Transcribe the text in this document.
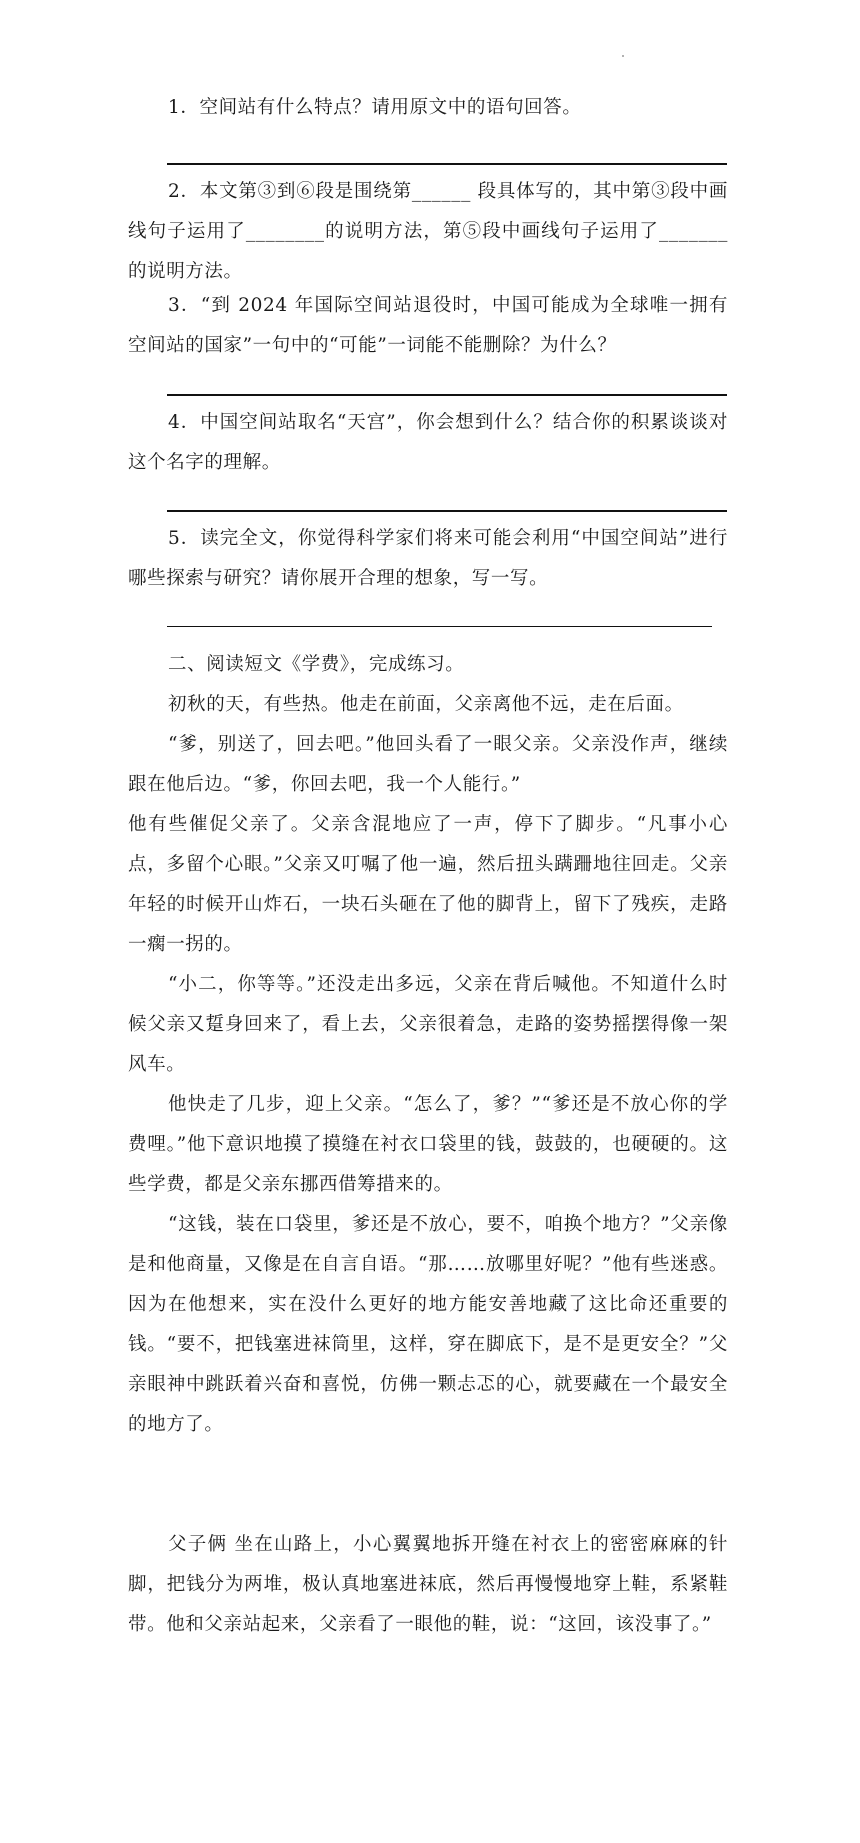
1．空间站有什么特点？请用原文中的语句回答。

2．本文第③到⑥段是围绕第______ 段具体写的，其中第③段中画线句子运用了________的说明方法，第⑤段中画线句子运用了_______的说明方法。

3．“到 2024 年国际空间站退役时，中国可能成为全球唯一拥有空间站的国家”一句中的“可能”一词能不能删除？为什么？

4．中国空间站取名“天宫”，你会想到什么？结合你的积累谈谈对这个名字的理解。

5．读完全文，你觉得科学家们将来可能会利用“中国空间站”进行哪些探索与研究？请你展开合理的想象，写一写。

二、阅读短文《学费》，完成练习。

初秋的天，有些热。他走在前面，父亲离他不远，走在后面。

“爹，别送了，回去吧。”他回头看了一眼父亲。父亲没作声，继续跟在他后边。“爹，你回去吧，我一个人能行。”

他有些催促父亲了。父亲含混地应了一声，停下了脚步。“凡事小心点，多留个心眼。”父亲又叮嘱了他一遍，然后扭头蹒跚地往回走。父亲年轻的时候开山炸石，一块石头砸在了他的脚背上，留下了残疾，走路一瘸一拐的。

“小二，你等等。”还没走出多远，父亲在背后喊他。不知道什么时候父亲又踅身回来了，看上去，父亲很着急，走路的姿势摇摆得像一架风车。

他快走了几步，迎上父亲。“怎么了，爹？”“爹还是不放心你的学费哩。”他下意识地摸了摸缝在衬衣口袋里的钱，鼓鼓的，也硬硬的。这些学费，都是父亲东挪西借筹措来的。

“这钱，装在口袋里，爹还是不放心，要不，咱换个地方？”父亲像是和他商量，又像是在自言自语。“那……放哪里好呢？”他有些迷惑。因为在他想来，实在没什么更好的地方能安善地藏了这比命还重要的钱。“要不，把钱塞进袜筒里，这样，穿在脚底下，是不是更安全？”父亲眼神中跳跃着兴奋和喜悦，仿佛一颗忐忑的心，就要藏在一个最安全的地方了。

父子俩 坐在山路上，小心翼翼地拆开缝在衬衣上的密密麻麻的针脚，把钱分为两堆，极认真地塞进袜底，然后再慢慢地穿上鞋，系紧鞋带。他和父亲站起来，父亲看了一眼他的鞋，说：“这回，该没事了。”
